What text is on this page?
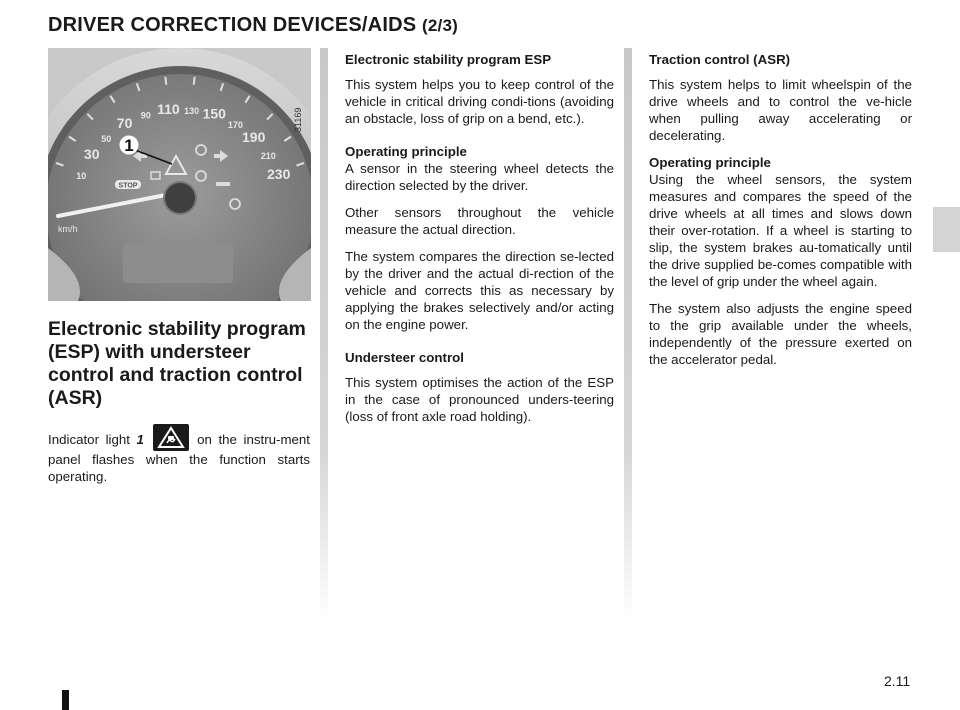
DRIVER CORRECTION DEVICES/AIDS (2/3)
10
30
50
70 90 110 130 150
170
190
210
230
STOP
km/h
1
31169
Electronic stability program (ESP) with understeer control and traction control (ASR)
Indicator light 1	on the instru-ment panel flashes when the function starts operating.

Electronic stability program ESP

This system helps you to keep control of the vehicle in critical driving condi-tions (avoiding an obstacle, loss of grip on a bend, etc.).

Operating principle

A sensor in the steering wheel detects the direction selected by the driver.

Other sensors throughout the vehicle measure the actual direction.

The system compares the direction se-lected by the driver and the actual di-rection of the vehicle and corrects this as necessary by applying the brakes selectively and/or acting on the engine power.

Understeer control

This system optimises the action of the ESP in the case of pronounced unders-teering (loss of front axle road holding).

Traction control (ASR)

This system helps to limit wheelspin of the drive wheels and to control the ve-hicle when pulling away accelerating or decelerating.

Operating principle

Using the wheel sensors, the system measures and compares the speed of the drive wheels at all times and slows down their over-rotation. If a wheel is starting to slip, the system brakes au-tomatically until the drive supplied be-comes compatible with the level of grip under the wheel again.

The system also adjusts the engine speed to the grip available under the wheels, independently of the pressure exerted on the accelerator pedal.

2.11
